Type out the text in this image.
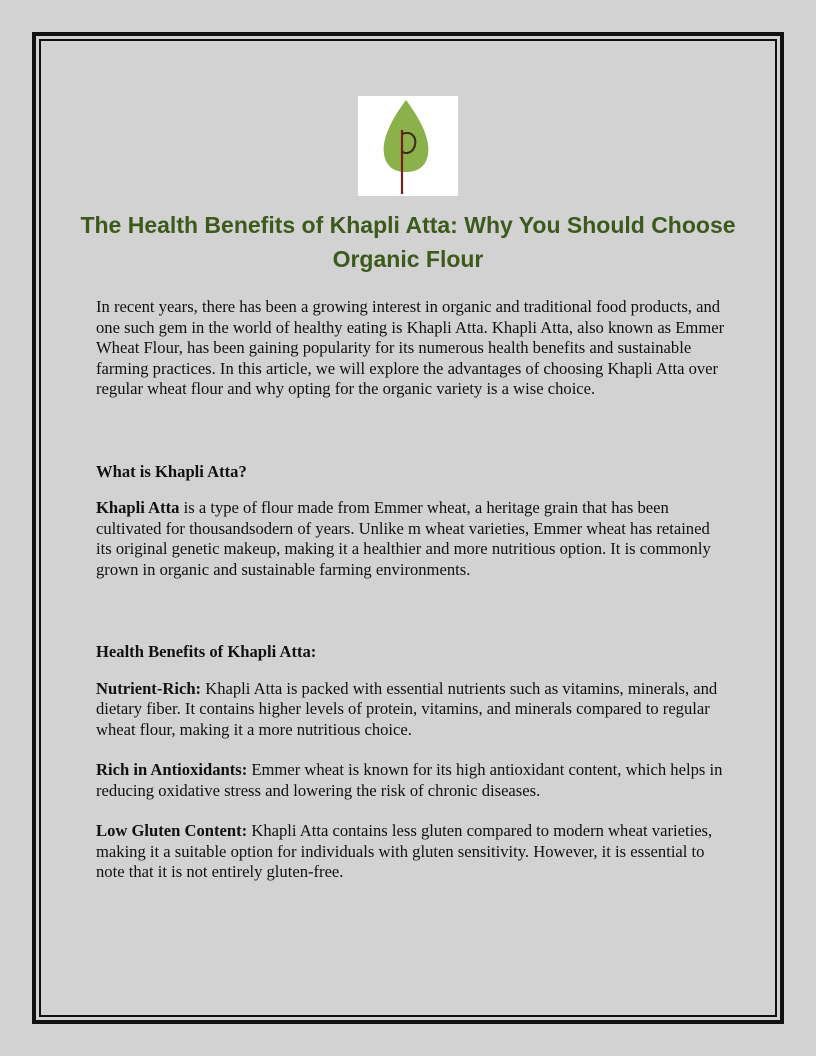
The Health Benefits of Khapli Atta: Why You Should Choose Organic Flour

In recent years, there has been a growing interest in organic and traditional food products, and one such gem in the world of healthy eating is Khapli Atta. Khapli Atta, also known as Emmer Wheat Flour, has been gaining popularity for its numerous health benefits and sustainable farming practices. In this article, we will explore the advantages of choosing Khapli Atta over regular wheat flour and why opting for the organic variety is a wise choice.

What is Khapli Atta?

Khapli Atta is a type of flour made from Emmer wheat, a heritage grain that has been cultivated for thousandsodern of years. Unlike m wheat varieties, Emmer wheat has retained its original genetic makeup, making it a healthier and more nutritious option. It is commonly grown in organic and sustainable farming environments.

Health Benefits of Khapli Atta:

Nutrient-Rich: Khapli Atta is packed with essential nutrients such as vitamins, minerals, and dietary fiber. It contains higher levels of protein, vitamins, and minerals compared to regular wheat flour, making it a more nutritious choice.

Rich in Antioxidants: Emmer wheat is known for its high antioxidant content, which helps in reducing oxidative stress and lowering the risk of chronic diseases.

Low Gluten Content: Khapli Atta contains less gluten compared to modern wheat varieties, making it a suitable option for individuals with gluten sensitivity. However, it is essential to note that it is not entirely gluten-free.
